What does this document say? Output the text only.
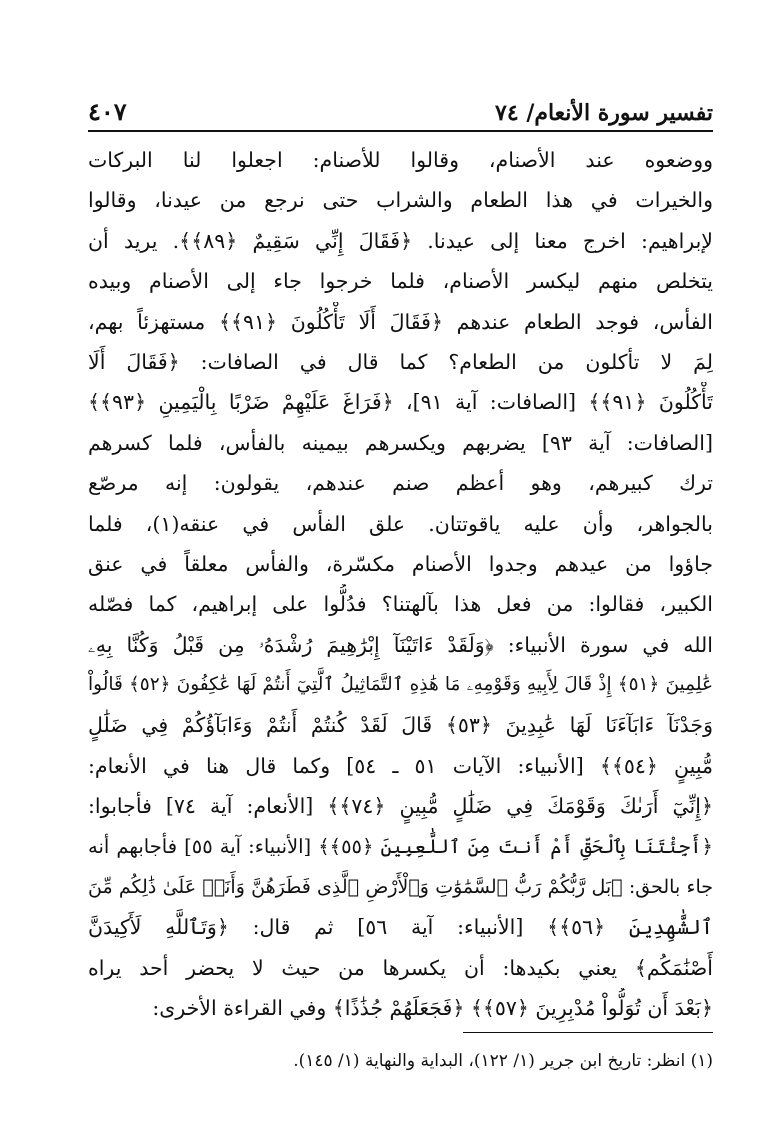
تفسير سورة الأنعام/ ٧٤
٤٠٧
ووضعوه عند الأصنام، وقالوا للأصنام: اجعلوا لنا البركات
والخيرات في هذا الطعام والشراب حتى نرجع من عيدنا، وقالوا
لإبراهيم: اخرج معنا إلى عيدنا. ﴿فَقَالَ إِنِّي سَقِيمٌ ﴿٨٩﴾﴾. يريد أن
يتخلص منهم ليكسر الأصنام، فلما خرجوا جاء إلى الأصنام وبيده
الفأس، فوجد الطعام عندهم ﴿فَقَالَ أَلَا تَأْكُلُونَ ﴿٩١﴾﴾ مستهزئاً بهم،
لِمَ لا تأكلون من الطعام؟ كما قال في الصافات: ﴿فَقَالَ أَلَا
تَأْكُلُونَ ﴿٩١﴾﴾ [الصافات: آية ٩١]، ﴿فَرَاغَ عَلَيْهِمْ ضَرْبًا بِالْيَمِينِ ﴿٩٣﴾﴾
[الصافات: آية ٩٣] يضربهم ويكسرهم بيمينه بالفأس، فلما كسرهم
ترك كبيرهم، وهو أعظم صنم عندهم، يقولون: إنه مرصّع
بالجواهر، وأن عليه ياقوتتان. علق الفأس في عنقه(١)، فلما
جاؤوا من عيدهم وجدوا الأصنام مكسّرة، والفأس معلقاً في عنق
الكبير، فقالوا: من فعل هذا بآلهتنا؟ فدُلُّوا على إبراهيم، كما فصّله
الله في سورة الأنبياء: ﴿وَلَقَدْ ءَاتَيْنَآ إِبْرَٰهِيمَ رُشْدَهُۥ مِن قَبْلُ وَكُنَّا بِهِۦ
عَٰلِمِينَ ﴿٥١﴾ إِذْ قَالَ لِأَبِيهِ وَقَوْمِهِۦ مَا هَٰذِهِ ٱلتَّمَاثِيلُ ٱلَّتِيٓ أَنتُمْ لَهَا عَٰكِفُونَ ﴿٥٢﴾ قَالُواْ
وَجَدْنَآ ءَابَآءَنَا لَهَا عَٰبِدِينَ ﴿٥٣﴾ قَالَ لَقَدْ كُنتُمْ أَنتُمْ وَءَابَآؤُكُمْ فِي ضَلَٰلٍ
مُّبِينٍ ﴿٥٤﴾﴾ [الأنبياء: الآيات ٥١ ـ ٥٤] وكما قال هنا في الأنعام:
﴿إِنِّيٓ أَرَىٰكَ وَقَوْمَكَ فِي ضَلَٰلٍ مُّبِينٍ ﴿٧٤﴾﴾ [الأنعام: آية ٧٤] فأجابوا:
﴿أَجِئْتَنَا بِٱلْحَقِّ أَمْ أَنتَ مِنَ ٱللَّٰعِبِينَ ﴿٥٥﴾﴾ [الأنبياء: آية ٥٥] فأجابهم أنه
جاء بالحق: ﴿بَل رَّبُّكُمْ رَبُّ ٱلسَّمَٰوَٰتِ وَٱلْأَرْضِ ٱلَّذِى فَطَرَهُنَّ وَأَنَا۠ عَلَىٰ ذَٰلِكُم مِّنَ
ٱلشَّٰهِدِينَ ﴿٥٦﴾﴾ [الأنبياء: آية ٥٦] ثم قال: ﴿وَتَٱللَّهِ لَأَكِيدَنَّ
أَصْنَٰمَكُم﴾ يعني بكيدها: أن يكسرها من حيث لا يحضر أحد يراه
﴿بَعْدَ أَن تُوَلُّواْ مُدْبِرِينَ ﴿٥٧﴾﴾ ﴿فَجَعَلَهُمْ جُذَٰذًا﴾ وفي القراءة الأخرى:
(١) انظر: تاريخ ابن جرير (١/ ١٢٢)، البداية والنهاية (١/ ١٤٥).
